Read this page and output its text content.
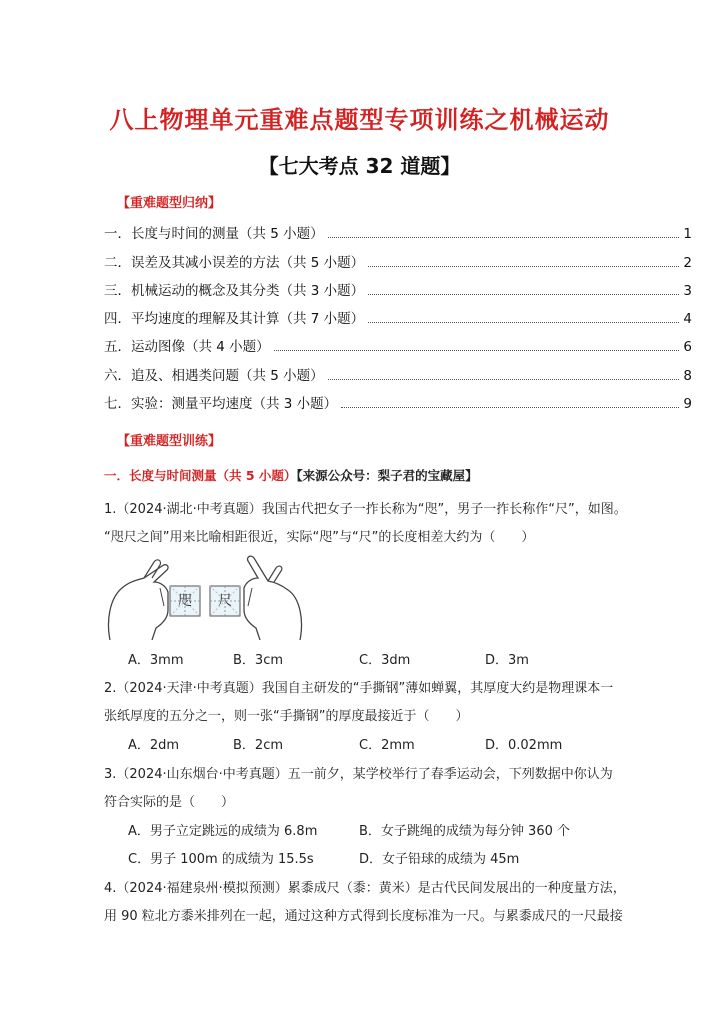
八上物理单元重难点题型专项训练之机械运动
【七大考点 32 道题】
【重难题型归纳】
一．长度与时间的测量（共 5 小题）	1
二．误差及其减小误差的方法（共 5 小题）	2
三．机械运动的概念及其分类（共 3 小题）	3
四．平均速度的理解及其计算（共 7 小题）	4
五．运动图像（共 4 小题）	6
六．追及、相遇类问题（共 5 小题）	8
七．实验：测量平均速度（共 3 小题）	9
【重难题型训练】
一．长度与时间测量（共 5 小题）【来源公众号：梨子君的宝藏屋】
1.（2024·湖北·中考真题）我国古代把女子一拃长称为“咫”，男子一拃长称作“尺”，如图。
“咫尺之间”用来比喻相距很近，实际“咫”与“尺”的长度相差大约为（　　）
咫	尺
A．3mm	B．3cm	C．3dm	D．3m
2.（2024·天津·中考真题）我国自主研发的“手撕钢”薄如蝉翼，其厚度大约是物理课本一
张纸厚度的五分之一，则一张“手撕钢”的厚度最接近于（　　）
A．2dm	B．2cm	C．2mm	D．0.02mm
3.（2024·山东烟台·中考真题）五一前夕，某学校举行了春季运动会，下列数据中你认为
符合实际的是（　　）
A．男子立定跳远的成绩为 6.8m	B．女子跳绳的成绩为每分钟 360 个
C．男子 100m 的成绩为 15.5s	D．女子铅球的成绩为 45m
4.（2024·福建泉州·模拟预测）累黍成尺（黍：黄米）是古代民间发展出的一种度量方法，
用 90 粒北方黍米排列在一起，通过这种方式得到长度标准为一尺。与累黍成尺的一尺最接
